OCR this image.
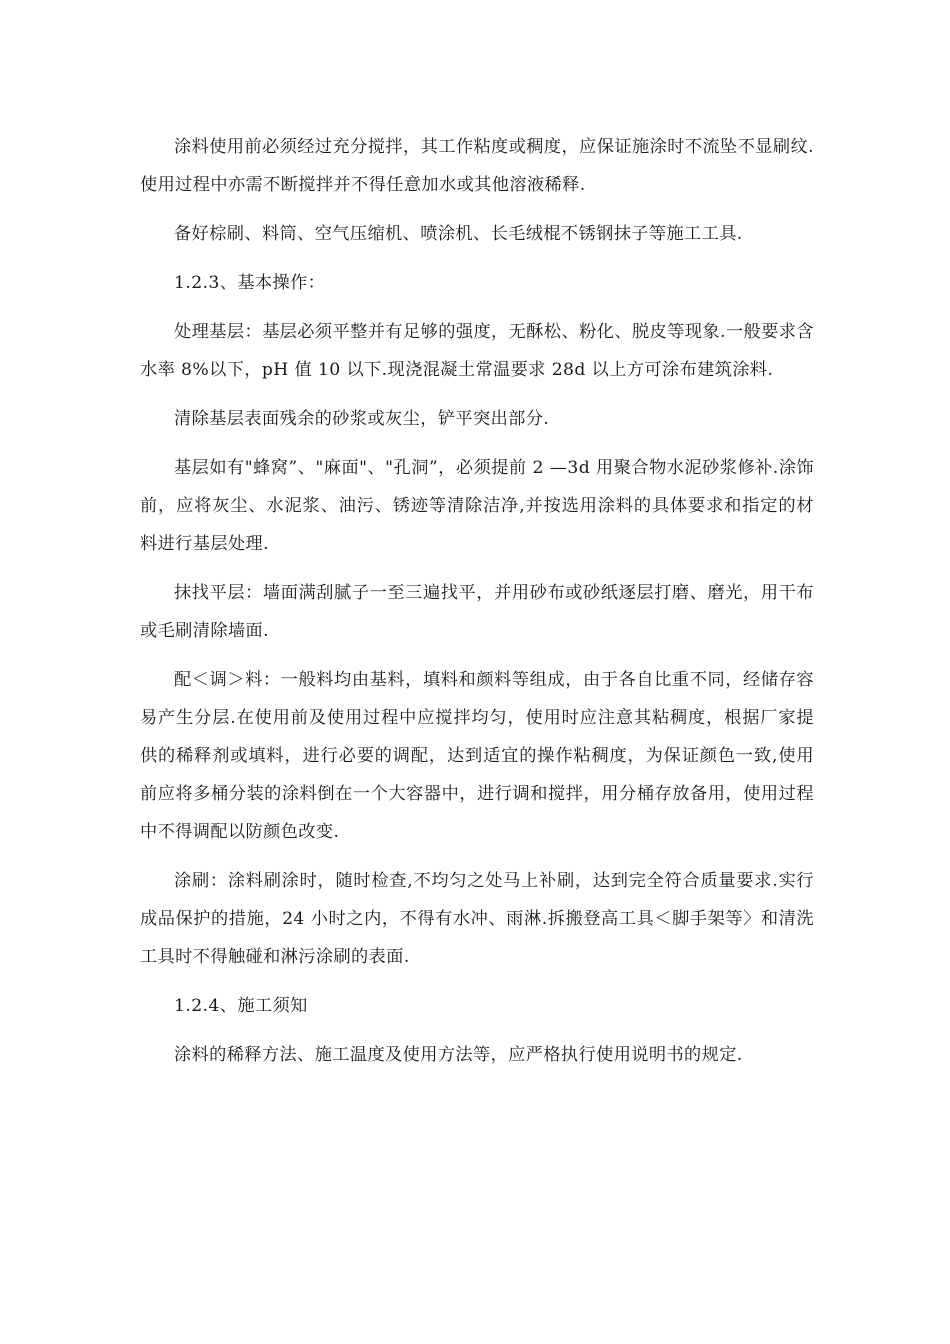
涂料使用前必须经过充分搅拌，其工作粘度或稠度，应保证施涂时不流坠不显刷纹.使用过程中亦需不断搅拌并不得任意加水或其他溶液稀释.

备好棕刷、料筒、空气压缩机、喷涂机、长毛绒棍不锈钢抹子等施工工具.

1.2.3、基本操作：

处理基层：基层必须平整并有足够的强度，无酥松、粉化、脱皮等现象.一般要求含水率 8%以下，pH 值 10 以下.现浇混凝土常温要求 28d 以上方可涂布建筑涂料.

清除基层表面残余的砂浆或灰尘，铲平突出部分.

基层如有"蜂窝”、"麻面"、"孔洞”，必须提前 2 —3d 用聚合物水泥砂浆修补.涂饰前，应将灰尘、水泥浆、油污、锈迹等清除洁净,并按选用涂料的具体要求和指定的材料进行基层处理.

抹找平层：墙面满刮腻子一至三遍找平，并用砂布或砂纸逐层打磨、磨光，用干布或毛刷清除墙面.

配＜调＞料：一般料均由基料，填料和颜料等组成，由于各自比重不同，经储存容易产生分层.在使用前及使用过程中应搅拌均匀，使用时应注意其粘稠度，根据厂家提供的稀释剂或填料，进行必要的调配，达到适宜的操作粘稠度，为保证颜色一致,使用前应将多桶分装的涂料倒在一个大容器中，进行调和搅拌，用分桶存放备用，使用过程中不得调配以防颜色改变.

涂刷：涂料刷涂时，随时检查,不均匀之处马上补刷，达到完全符合质量要求.实行成品保护的措施，24 小时之内，不得有水冲、雨淋.拆搬登高工具＜脚手架等〉和清洗工具时不得触碰和淋污涂刷的表面.

1.2.4、施工须知

涂料的稀释方法、施工温度及使用方法等，应严格执行使用说明书的规定.
